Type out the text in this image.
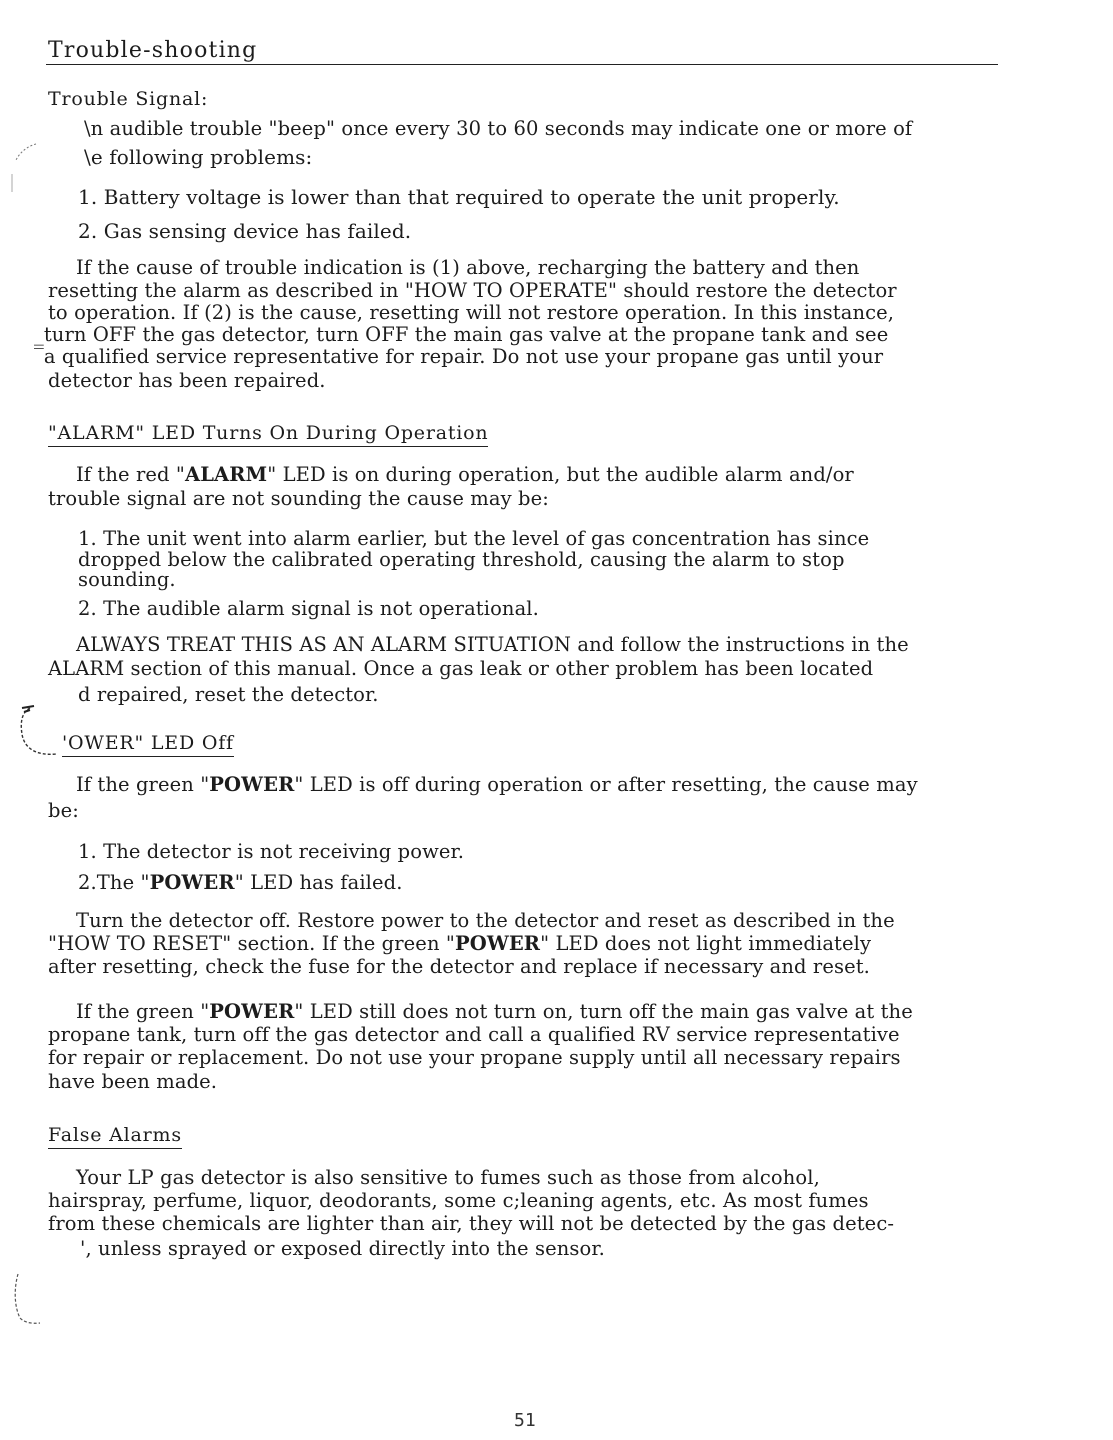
Trouble-shooting
Trouble Signal:
\n audible trouble "beep" once every 30 to 60 seconds may indicate one or more of
\e following problems:
1. Battery voltage is lower than that required to operate the unit properly.
2. Gas sensing device has failed.
If the cause of trouble indication is (1) above, recharging the battery and then
resetting the alarm as described in "HOW TO OPERATE" should restore the detector
to operation. If (2) is the cause, resetting will not restore operation. In this instance,
_turn OFF the gas detector, turn OFF the main gas valve at the propane tank and see
‾a qualified service representative for repair. Do not use your propane gas until your
detector has been repaired.
"ALARM" LED Turns On During Operation
If the red "ALARM" LED is on during operation, but the audible alarm and/or
trouble signal are not sounding the cause may be:
1. The unit went into alarm earlier, but the level of gas concentration has since
dropped below the calibrated operating threshold, causing the alarm to stop
sounding.
2. The audible alarm signal is not operational.
ALWAYS TREAT THIS AS AN ALARM SITUATION and follow the instructions in the
ALARM section of this manual. Once a gas leak or other problem has been located
d repaired, reset the detector.
'OWER" LED Off
If the green "POWER" LED is off during operation or after resetting, the cause may
be:
1. The detector is not receiving power.
2.The "POWER" LED has failed.
Turn the detector off. Restore power to the detector and reset as described in the
"HOW TO RESET" section. If the green "POWER" LED does not light immediately
after resetting, check the fuse for the detector and replace if necessary and reset.
If the green "POWER" LED still does not turn on, turn off the main gas valve at the
propane tank, turn off the gas detector and call a qualified RV service representative
for repair or replacement. Do not use your propane supply until all necessary repairs
have been made.
False Alarms
Your LP gas detector is also sensitive to fumes such as those from alcohol,
hairspray, perfume, liquor, deodorants, some c;leaning agents, etc. As most fumes
from these chemicals are lighter than air, they will not be detected by the gas detec-
', unless sprayed or exposed directly into the sensor.
51
